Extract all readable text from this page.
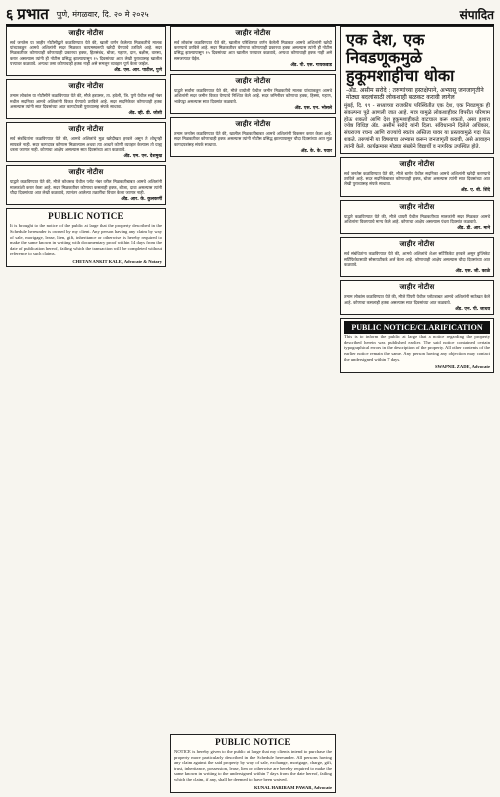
६ प्रभात पुणे, मंगळवार, दि. २० मे २०२५	संपादित
जाहीर नोटीस
सर्व जनतेस या जाहीर नोटीसीद्वारे कळविण्यात येते की, खाली वर्णन केलेल्या मिळकतीचे मालक यांच्याकडून आमचे अशिलांनी सदर मिळकत कायमस्वरूपी खरेदी घेण्याचे ठरविले आहे. सदर मिळकतीवर कोणाचाही कोणत्याही प्रकारचा हक्क, हितसंबंध, बोजा, गहाण, दान, बक्षीस, वारसा, करार असल्यास त्यांनी ही नोटीस प्रसिद्ध झाल्यापासून १५ दिवसांच्या आत लेखी पुराव्यासह खालील पत्त्यावर कळवावे. अन्यथा तसा कोणाचाही हक्क नाही असे समजून व्यवहार पूर्ण केला जाईल.
अ‍ॅड. एस. आर. पाटील, पुणे
जाहीर नोटीस
तमाम लोकांस या नोटीसीने कळविण्यात येते की, मौजे हडपसर, ता. हवेली, जि. पुणे येथील सर्व्हे नंबर मधील सदनिका आमचे अशिलांनी विकत घेण्याचे ठरविले आहे. सदर सदनिकेवर कोणाचाही हक्क असल्यास त्यांनी सात दिवसांच्या आत कागदोपत्री पुराव्यासह संपर्क साधावा.
अ‍ॅड. व्ही. डी. जोशी
जाहीर नोटीस
सर्व संबंधितांना कळविण्यात येते की, आमचे अशिलांचे मूळ खरेदीखत हरवले असून ते शोधूनही सापडले नाही. सदर कागदपत्र कोणास मिळाल्यास अथवा त्या आधारे कोणी व्यवहार केल्यास तो ग्राह्य धरला जाणार नाही. कोणाचा आक्षेप असल्यास सात दिवसांच्या आत कळवावे.
अ‍ॅड. एम. एन. देशमुख
जाहीर नोटीस
याद्वारे कळविण्यात येते की, मौजे कोथरूड येथील प्लॉट नंबर वरील मिळकतीबाबत आमचे अशिलांनी मालकांशी करार केला आहे. सदर मिळकतीवर कोणाचा कसलाही हक्क, बोजा, दावा असल्यास त्यांनी चौदा दिवसांच्या आत लेखी कळवावे, त्यानंतर आलेल्या तक्रारींचा विचार केला जाणार नाही.
अ‍ॅड. आर. के. कुलकर्णी
PUBLIC NOTICE
It is brought to the notice of the public at large that the property described in the Schedule hereunder is owned by my client. Any person having any claim by way of sale, mortgage, lease, lien, gift, inheritance or otherwise is hereby required to make the same known in writing with documentary proof within 14 days from the date of publication hereof, failing which the transaction will be completed without reference to such claims.
CHETAN ANKIT KALE, Advocate & Notary
जाहीर नोटीस
सर्व लोकांस कळविण्यात येते की, खालील परिशिष्टात वर्णन केलेली मिळकत आमचे अशिलांनी खरेदी करण्याचे ठरविले आहे. सदर मिळकतीवर कोणाचा कोणत्याही प्रकारचा हक्क असल्यास त्यांनी ही नोटीस प्रसिद्ध झाल्यापासून १५ दिवसांच्या आत खालील पत्त्यावर कळवावे, अन्यथा कोणाचाही हक्क नाही असे समजण्यात येईल.
अ‍ॅड. पी. एस. गायकवाड
जाहीर नोटीस
याद्वारे सर्वांना कळविण्यात येते की, मौजे वाघोली येथील जमीन मिळकतीचे मालक यांच्याकडून आमचे अशिलांनी सदर जमीन विकत घेण्याचे निश्चित केले आहे. सदर जमिनीवर कोणाचा हक्क, हिस्सा, गहाण, भाडेपट्टा असल्यास सात दिवसांत कळवावे.
अ‍ॅड. एस. एन. भोसले
जाहीर नोटीस
तमाम जनतेस कळविण्यात येते की, खालील मिळकतीबाबत आमचे अशिलांनी विकसन करार केला आहे. सदर मिळकतीवर कोणाचाही हक्क असल्यास त्यांनी नोटीस प्रसिद्ध झाल्यापासून चौदा दिवसांच्या आत मूळ कागदपत्रांसह संपर्क साधावा.
अ‍ॅड. के. के. पवार
PUBLIC NOTICE
NOTICE is hereby given to the public at large that my clients intend to purchase the property more particularly described in the Schedule hereunder. All persons having any claim against the said property by way of sale, exchange, mortgage, charge, gift, trust, inheritance, possession, lease, lien or otherwise are hereby required to make the same known in writing to the undersigned within 7 days from the date hereof, failing which the claim, if any, shall be deemed to have been waived.
KUNAL HARIRAM PAWAR, Advocate
एक देश, एक निवडणूकमुळे हुकूमशाहीचा धोका
-अ‍ॅड. असीम सरोदे : तरुणांच्या हस्तक्षेपाने, अभ्यासू जनजागृतीने मोठ्या बदलांसाठी लोकशाही बळकट करावी लागेल
मुंबई, दि. १९ - सध्याच्या राजकीय परिस्थितीत एक देश, एक निवडणूक ही संकल्पना पुढे आणली जात आहे. मात्र यामुळे लोकशाहीवर विपरीत परिणाम होऊ शकतो आणि देश हुकूमशाहीकडे वाटचाल करू शकतो, असा इशारा ज्येष्ठ विधिज्ञ अ‍ॅड. असीम सरोदे यांनी दिला. संविधानाने दिलेले अधिकार, संघराज्य रचना आणि राज्यांचे स्वतंत्र अस्तित्व यावर या प्रस्तावामुळे गदा येऊ शकते. तरुणांनी या विषयाचा अभ्यास करून जनजागृती करावी, असे आवाहन त्यांनी केले. कार्यक्रमास मोठ्या संख्येने विद्यार्थी व नागरिक उपस्थित होते.
जाहीर नोटीस
सर्व जनतेस कळविण्यात येते की, मौजे बाणेर येथील सदनिका आमचे अशिलांनी खरेदी करण्याचे ठरविले आहे. सदर सदनिकेबाबत कोणाचाही हक्क, बोजा असल्यास त्यांनी सात दिवसांच्या आत लेखी पुराव्यासह संपर्क साधावा.
अ‍ॅड. ए. बी. शिंदे
जाहीर नोटीस
याद्वारे कळविण्यात येते की, मौजे धायरी येथील मिळकतीच्या मालकांनी सदर मिळकत आमचे अशिलांना विकण्याचे मान्य केले आहे. कोणाचा आक्षेप असल्यास पंधरा दिवसांत कळवावे.
अ‍ॅड. डी. आर. माने
जाहीर नोटीस
सर्व संबंधितांना कळविण्यात येते की, आमचे अशिलांचे शेअर सर्टिफिकेट हरवले असून डुप्लिकेट सर्टिफिकेटसाठी सोसायटीकडे अर्ज केला आहे. कोणाचाही आक्षेप असल्यास चौदा दिवसांच्या आत कळवावे.
अ‍ॅड. एस. जी. काळे
जाहीर नोटीस
तमाम लोकांस कळविण्यात येते की, मौजे पिंपरी येथील प्लॉटबाबत आमचे अशिलांनी साठेखत केले आहे. कोणाचा कसलाही हक्क असल्यास सात दिवसांच्या आत कळवावे.
अ‍ॅड. एन. पी. जाधव
PUBLIC NOTICE/CLARIFICATION
This is to inform the public at large that a notice regarding the property described herein was published earlier. The said notice contained certain typographical errors in the description of the property. All other contents of the earlier notice remain the same. Any person having any objection may contact the undersigned within 7 days.
SWAPNIL ZADE, Advocate
